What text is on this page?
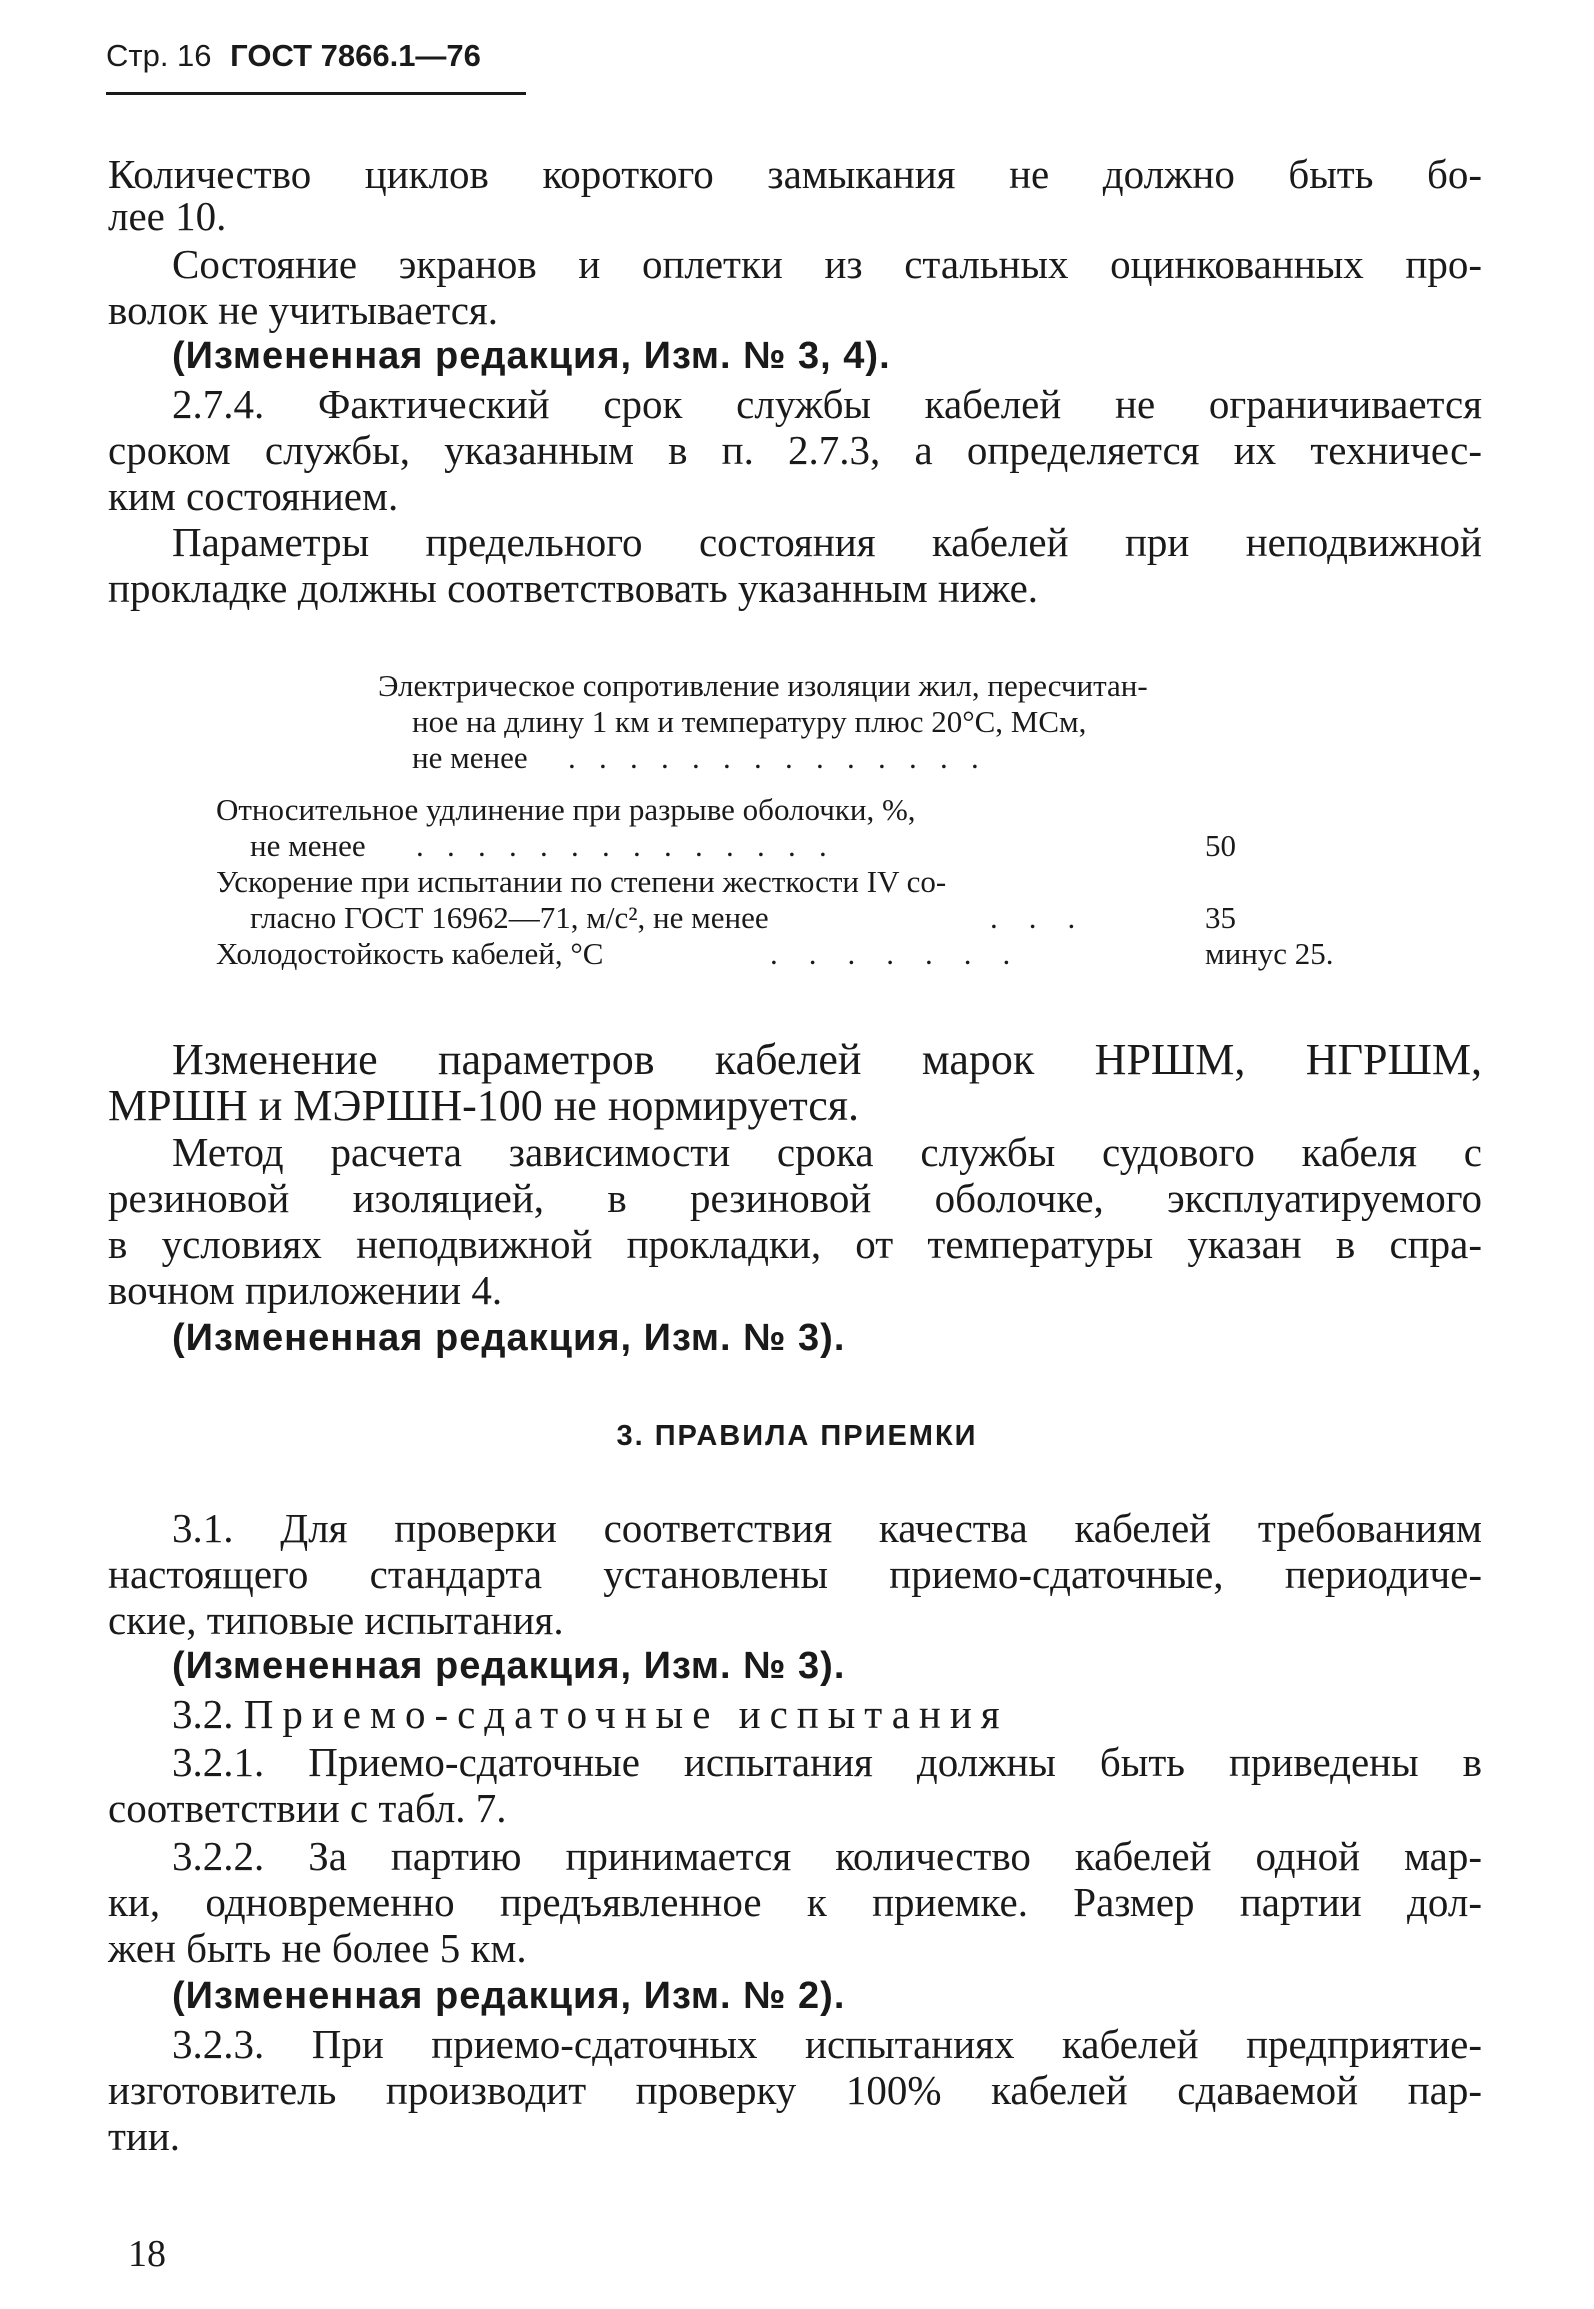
Стр. 16 ГОСТ 7866.1—76
Количество циклов короткого замыкания не должно быть бо-
лее 10.
Состояние экранов и оплетки из стальных оцинкованных про-
волок не учитывается.
(Измененная редакция, Изм. № 3, 4).
2.7.4. Фактический срок службы кабелей не ограничивается
сроком службы, указанным в п. 2.7.3, а определяется их техничес-
ким состоянием.
Параметры предельного состояния кабелей при неподвижной
прокладке должны соответствовать указанным ниже.
Электрическое сопротивление изоляции жил, пересчитан-
ное на длину 1 км и температуру плюс 20°С, МСм,
не менее .   .   .   .   .   .   .   .   .   .   .   .   .   .
Относительное удлинение при разрыве оболочки, %,
не менее .   .   .   .   .   .   .   .   .   .   .   .   .   .	50
Ускорение при испытании по степени жесткости IV со-
гласно ГОСТ 16962—71, м/с², не менее	.    .    .	35
Холодостойкость кабелей, °С	.    .    .    .    .    .    .	минус 25.
Изменение параметров кабелей марок НРШМ, НГРШМ,
МРШН и МЭРШН-100 не нормируется.
Метод расчета зависимости срока службы судового кабеля с
резиновой изоляцией, в резиновой оболочке, эксплуатируемого
в условиях неподвижной прокладки, от температуры указан в спра-
вочном приложении 4.
(Измененная редакция, Изм. № 3).
3. ПРАВИЛА ПРИЕМКИ
3.1. Для проверки соответствия качества кабелей требованиям
настоящего стандарта установлены приемо-сдаточные, периодиче-
ские, типовые испытания.
(Измененная редакция, Изм. № 3).
3.2. Приемо-сдаточные испытания
3.2.1. Приемо-сдаточные испытания должны быть приведены в
соответствии с табл. 7.
3.2.2. За партию принимается количество кабелей одной мар-
ки, одновременно предъявленное к приемке. Размер партии дол-
жен быть не более 5 км.
(Измененная редакция, Изм. № 2).
3.2.3. При приемо-сдаточных испытаниях кабелей предприятие-
изготовитель производит проверку 100% кабелей сдаваемой пар-
тии.
18
